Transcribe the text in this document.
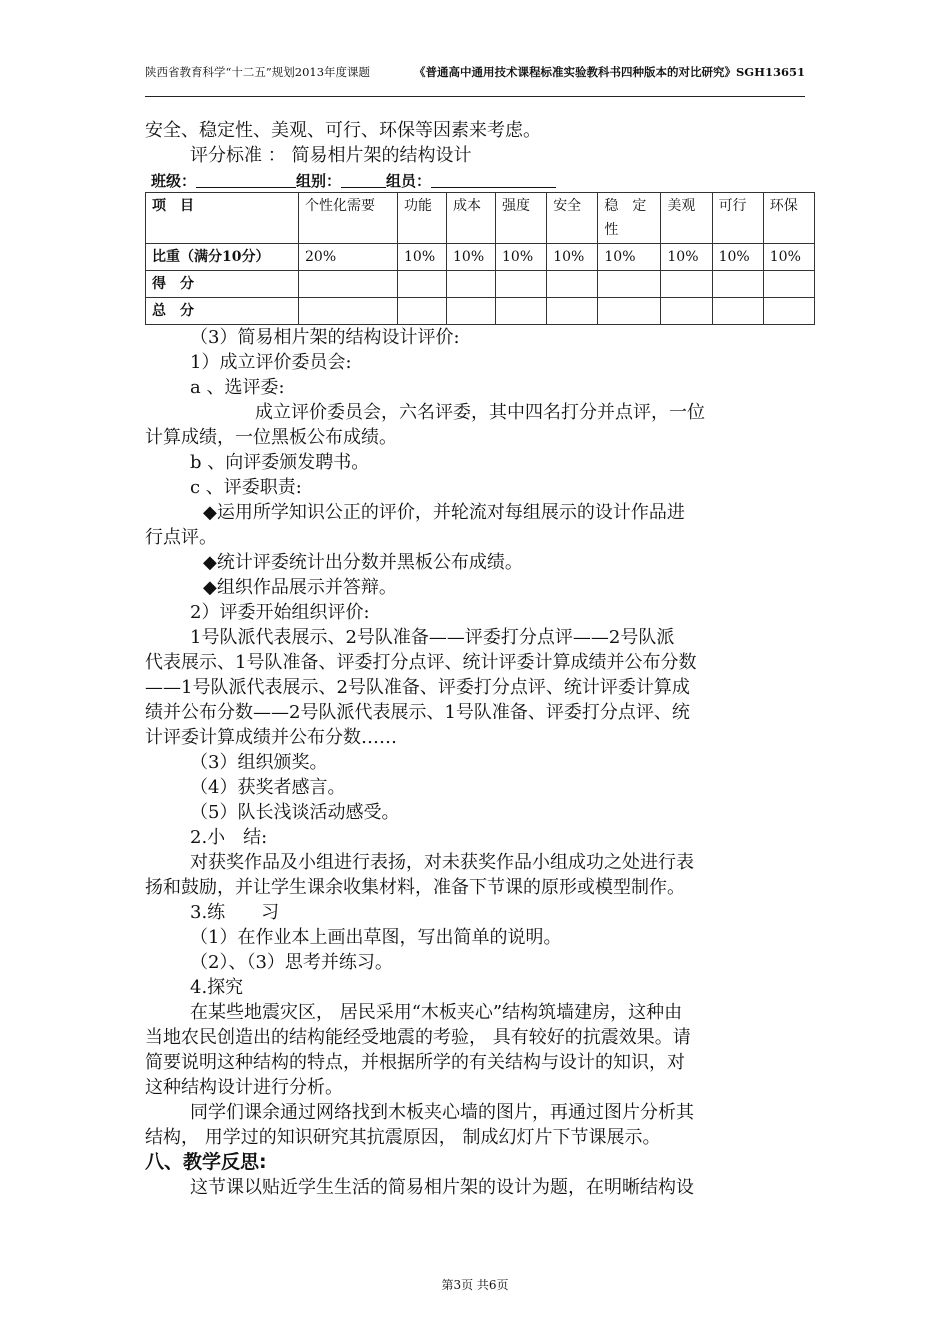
陕西省教育科学“十二五”规划2013年度课题	《普通高中通用技术课程标准实验教科书四种版本的对比研究》SGH13651
安全、稳定性、美观、可行、环保等因素来考虑。
评分标准 ： 简易相片架的结构设计
班级：	组别：	组员：
项　目	个性化需要	功能	成本	强度	安全	稳　定性	美观	可行	环保
比重（满分10分）	20%	10%	10%	10%	10%	10%	10%	10%	10%
得　分									
总　分									
（3）简易相片架的结构设计评价:
1）成立评价委员会:
a 、选评委:
成立评价委员会，六名评委，其中四名打分并点评，一位
计算成绩，一位黑板公布成绩。
b 、向评委颁发聘书。
c 、评委职责:
◆运用所学知识公正的评价，并轮流对每组展示的设计作品进
行点评。
◆统计评委统计出分数并黑板公布成绩。
◆组织作品展示并答辩。
2）评委开始组织评价:
1号队派代表展示、2号队准备——评委打分点评——2号队派
代表展示、1号队准备、评委打分点评、统计评委计算成绩并公布分数
——1号队派代表展示、2号队准备、评委打分点评、统计评委计算成
绩并公布分数——2号队派代表展示、1号队准备、评委打分点评、统
计评委计算成绩并公布分数……
（3）组织颁奖。
（4）获奖者感言。
（5）队长浅谈活动感受。
2.小　结:
对获奖作品及小组进行表扬，对未获奖作品小组成功之处进行表
扬和鼓励，并让学生课余收集材料，准备下节课的原形或模型制作。
3.练　　习
（1）在作业本上画出草图，写出简单的说明。
（2）、（3）思考并练习。
4.探究
在某些地震灾区， 居民采用“木板夹心”结构筑墙建房，这种由
当地农民创造出的结构能经受地震的考验， 具有较好的抗震效果。请
简要说明这种结构的特点，并根据所学的有关结构与设计的知识，对
这种结构设计进行分析。
同学们课余通过网络找到木板夹心墙的图片，再通过图片分析其
结构， 用学过的知识研究其抗震原因， 制成幻灯片下节课展示。
八、教学反思:
这节课以贴近学生生活的简易相片架的设计为题，在明晰结构设
第3页 共6页
